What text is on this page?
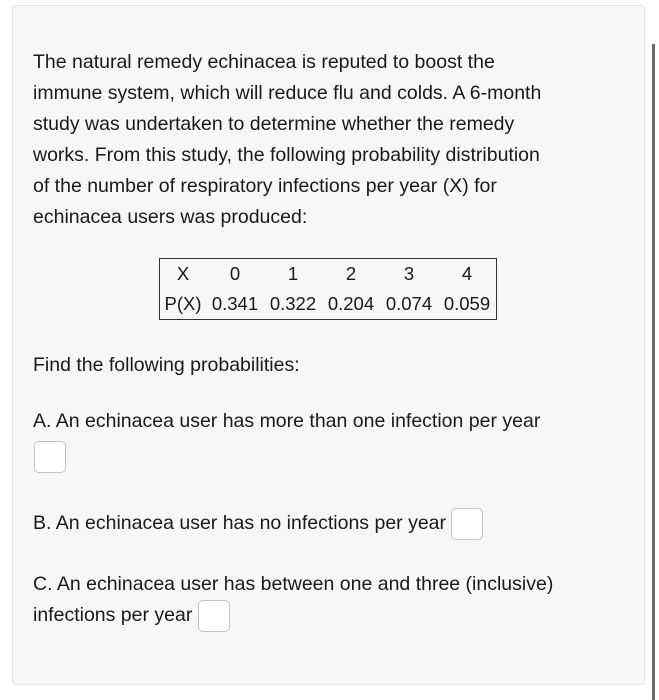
The natural remedy echinacea is reputed to boost the
immune system, which will reduce flu and colds. A 6-month
study was undertaken to determine whether the remedy
works. From this study, the following probability distribution
of the number of respiratory infections per year (X) for
echinacea users was produced:

X	0	1	2	3	4
P(X)	0.341	0.322	0.204	0.074	0.059

Find the following probabilities:

A. An echinacea user has more than one infection per year

B. An echinacea user has no infections per year

C. An echinacea user has between one and three (inclusive)
infections per year
